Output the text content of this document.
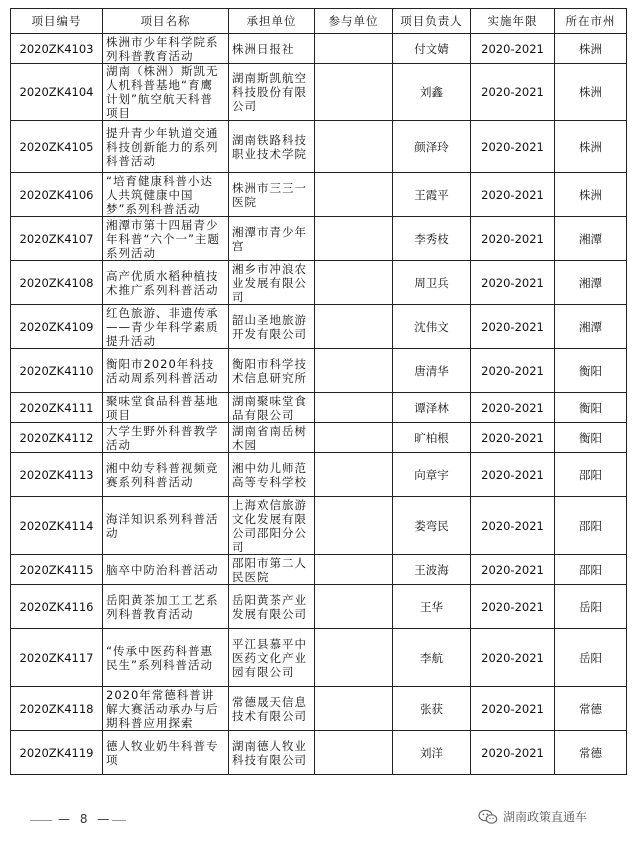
项目编号	项目名称	承担单位	参与单位	项目负责人	实施年限	所在市州
2020ZK4103	株洲市少年科学院系列科普教育活动	株洲日报社		付文婧	2020-2021	株洲
2020ZK4104	湖南（株洲）斯凯无人机科普基地“育鹰计划”航空航天科普项目	湖南斯凯航空科技股份有限公司		刘鑫	2020-2021	株洲
2020ZK4105	提升青少年轨道交通科技创新能力的系列科普活动	湖南铁路科技职业技术学院		颜泽玲	2020-2021	株洲
2020ZK4106	“培育健康科普小达人共筑健康中国梦”系列科普活动	株洲市三三一医院		王霞平	2020-2021	株洲
2020ZK4107	湘潭市第十四届青少年科普“六个一”主题系列活动	湘潭市青少年宫		李秀枝	2020-2021	湘潭
2020ZK4108	高产优质水稻种植技术推广系列科普活动	湘乡市冲浪农业发展有限公司		周卫兵	2020-2021	湘潭
2020ZK4109	红色旅游、非遗传承——青少年科学素质提升活动	韶山圣地旅游开发有限公司		沈伟文	2020-2021	湘潭
2020ZK4110	衡阳市2020年科技活动周系列科普活动	衡阳市科学技术信息研究所		唐清华	2020-2021	衡阳
2020ZK4111	聚味堂食品科普基地项目	湖南聚味堂食品有限公司		谭泽林	2020-2021	衡阳
2020ZK4112	大学生野外科普教学活动	湖南省南岳树木园		旷柏根	2020-2021	衡阳
2020ZK4113	湘中幼专科普视频竞赛系列科普活动	湘中幼儿师范高等专科学校		向章宇	2020-2021	邵阳
2020ZK4114	海洋知识系列科普活动	上海欢信旅游文化发展有限公司邵阳分公司		娄弯民	2020-2021	邵阳
2020ZK4115	脑卒中防治科普活动	邵阳市第二人民医院		王波海	2020-2021	邵阳
2020ZK4116	岳阳黄茶加工工艺系列科普教育活动	岳阳黄茶产业发展有限公司		王华	2020-2021	岳阳
2020ZK4117	“传承中医药科普惠民生”系列科普活动	平江县慕平中医药文化产业园有限公司		李航	2020-2021	岳阳
2020ZK4118	2020年常德科普讲解大赛活动承办与后期科普应用探索	常德晟天信息技术有限公司		张获	2020-2021	常德
2020ZK4119	德人牧业奶牛科普专项	湖南德人牧业科技有限公司		刘洋	2020-2021	常德
— 8 —	湖南政策直通车
